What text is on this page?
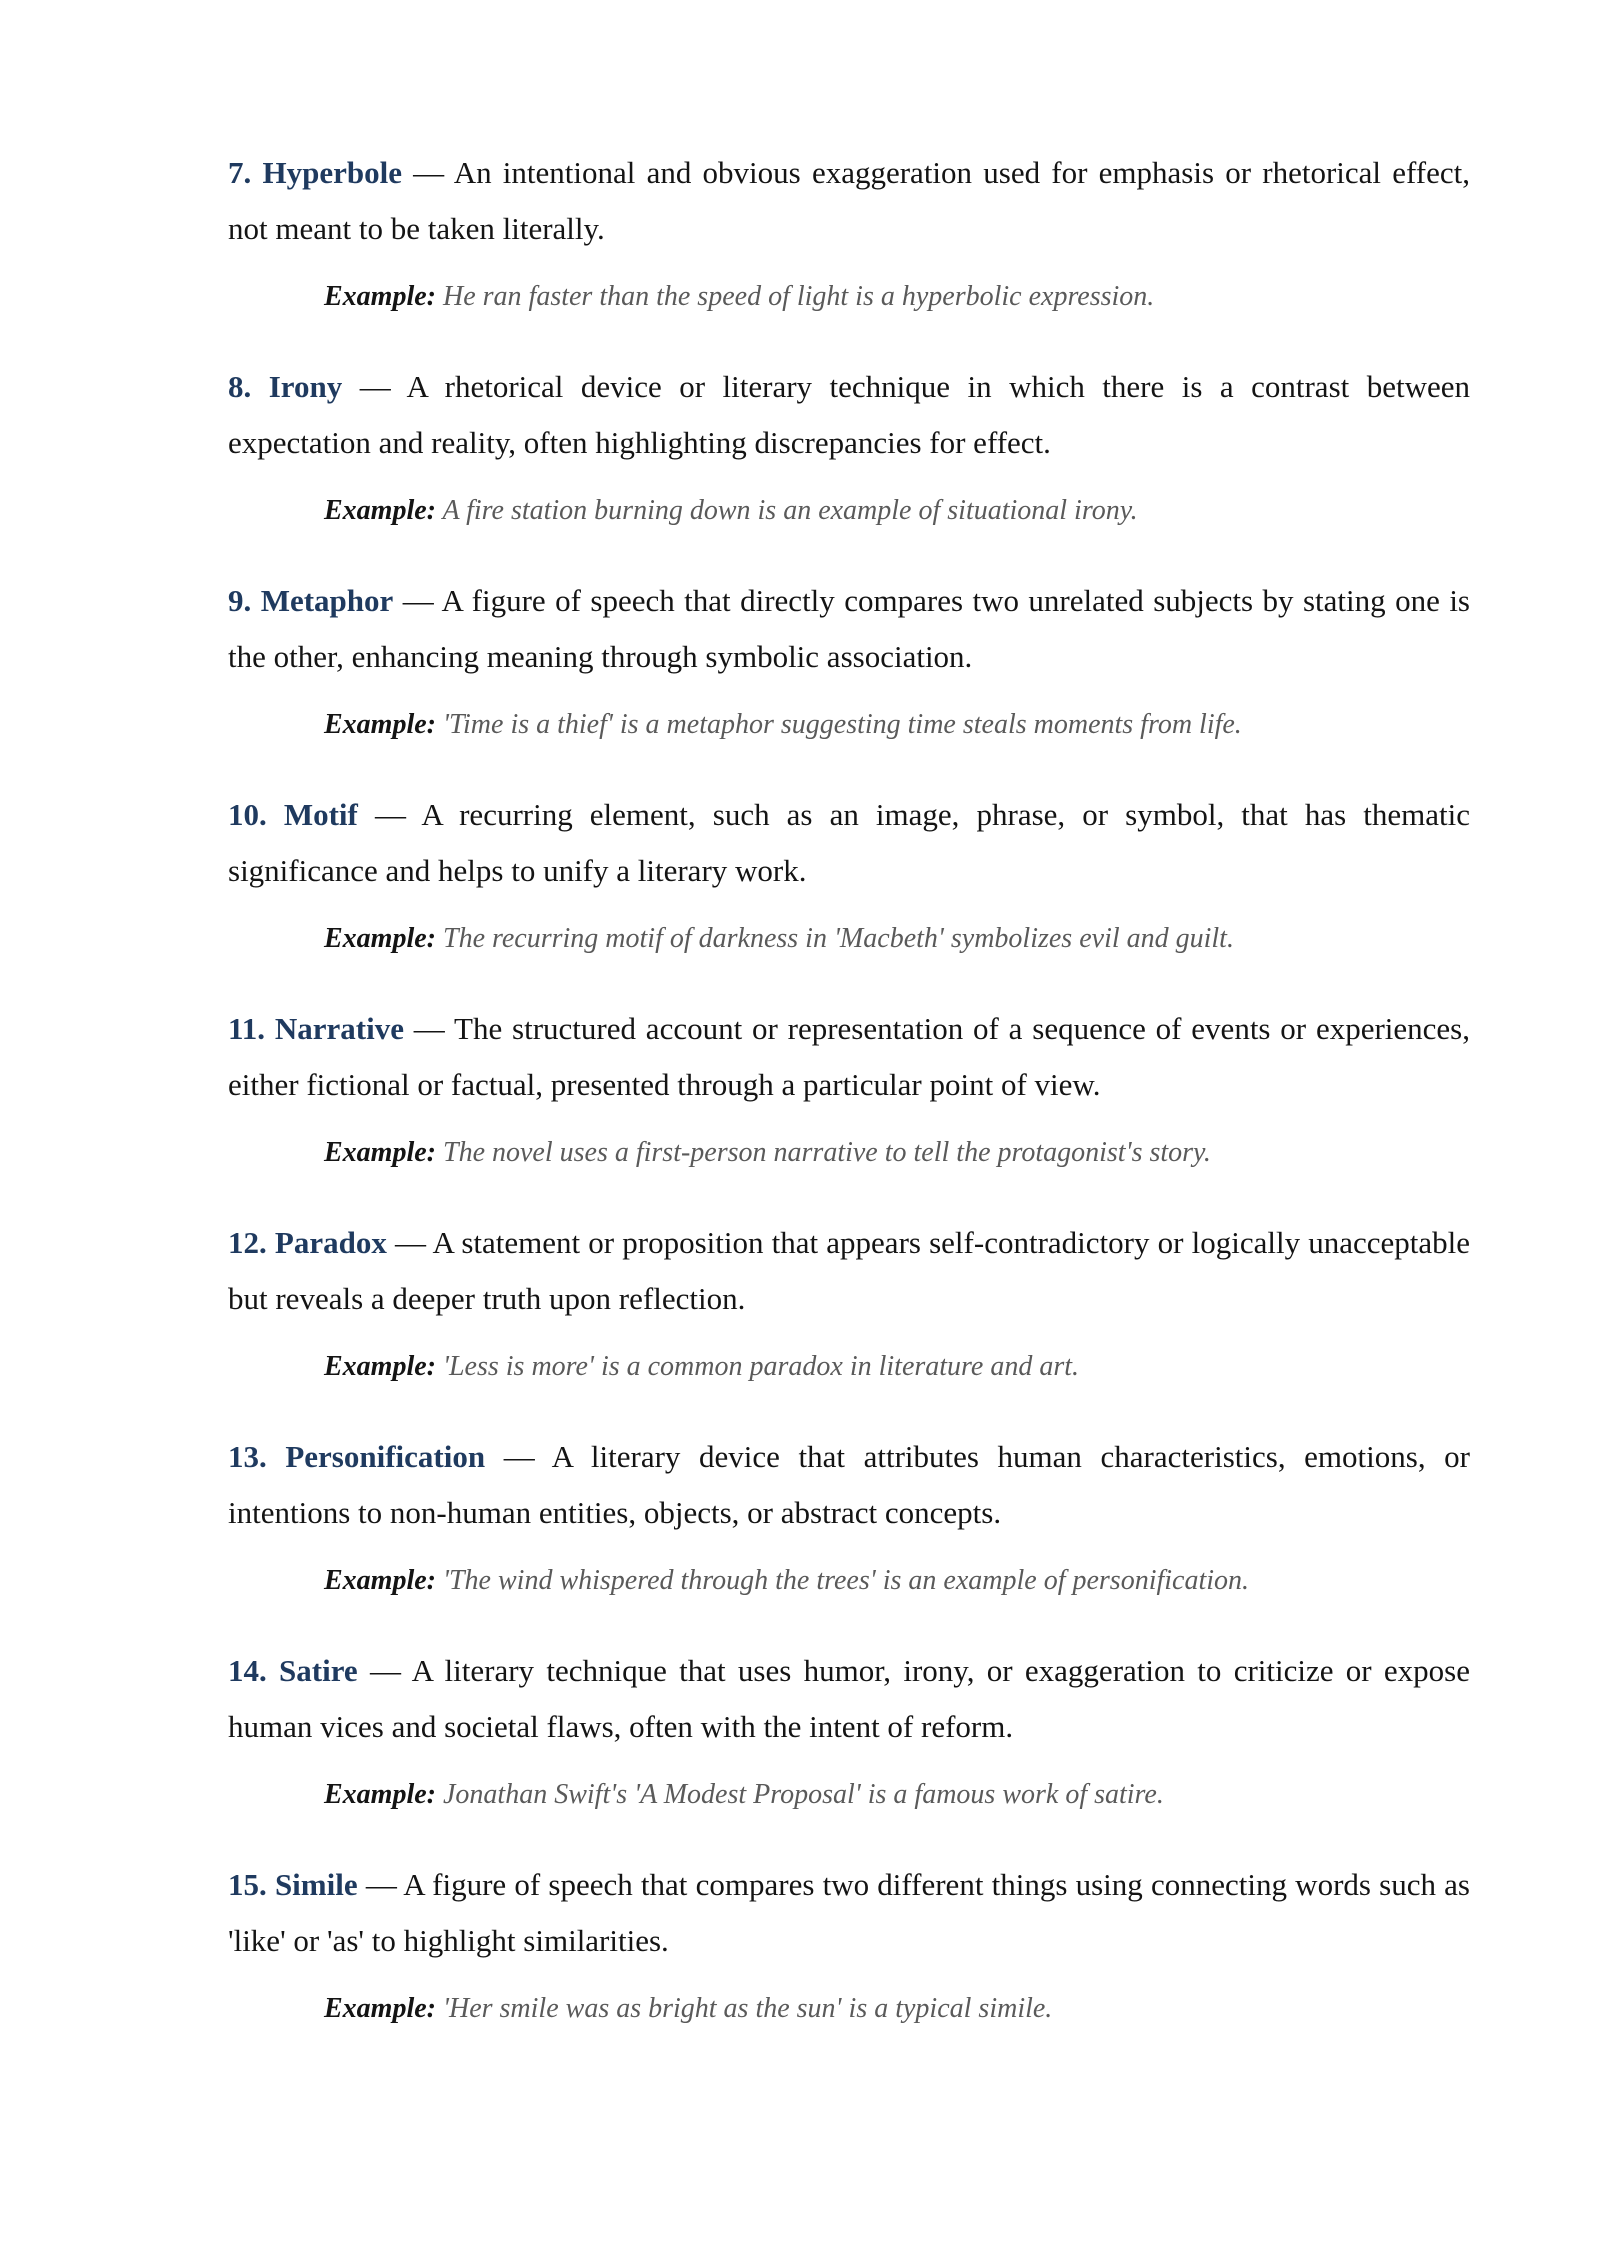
7. Hyperbole — An intentional and obvious exaggeration used for emphasis or rhetorical effect, not meant to be taken literally.

Example: He ran faster than the speed of light is a hyperbolic expression.

8. Irony — A rhetorical device or literary technique in which there is a contrast between expectation and reality, often highlighting discrepancies for effect.

Example: A fire station burning down is an example of situational irony.

9. Metaphor — A figure of speech that directly compares two unrelated subjects by stating one is the other, enhancing meaning through symbolic association.

Example: 'Time is a thief' is a metaphor suggesting time steals moments from life.

10. Motif — A recurring element, such as an image, phrase, or symbol, that has thematic significance and helps to unify a literary work.

Example: The recurring motif of darkness in 'Macbeth' symbolizes evil and guilt.

11. Narrative — The structured account or representation of a sequence of events or experiences, either fictional or factual, presented through a particular point of view.

Example: The novel uses a first-person narrative to tell the protagonist's story.

12. Paradox — A statement or proposition that appears self-contradictory or logically unacceptable but reveals a deeper truth upon reflection.

Example: 'Less is more' is a common paradox in literature and art.

13. Personification — A literary device that attributes human characteristics, emotions, or intentions to non-human entities, objects, or abstract concepts.

Example: 'The wind whispered through the trees' is an example of personification.

14. Satire — A literary technique that uses humor, irony, or exaggeration to criticize or expose human vices and societal flaws, often with the intent of reform.

Example: Jonathan Swift's 'A Modest Proposal' is a famous work of satire.

15. Simile — A figure of speech that compares two different things using connecting words such as 'like' or 'as' to highlight similarities.

Example: 'Her smile was as bright as the sun' is a typical simile.
